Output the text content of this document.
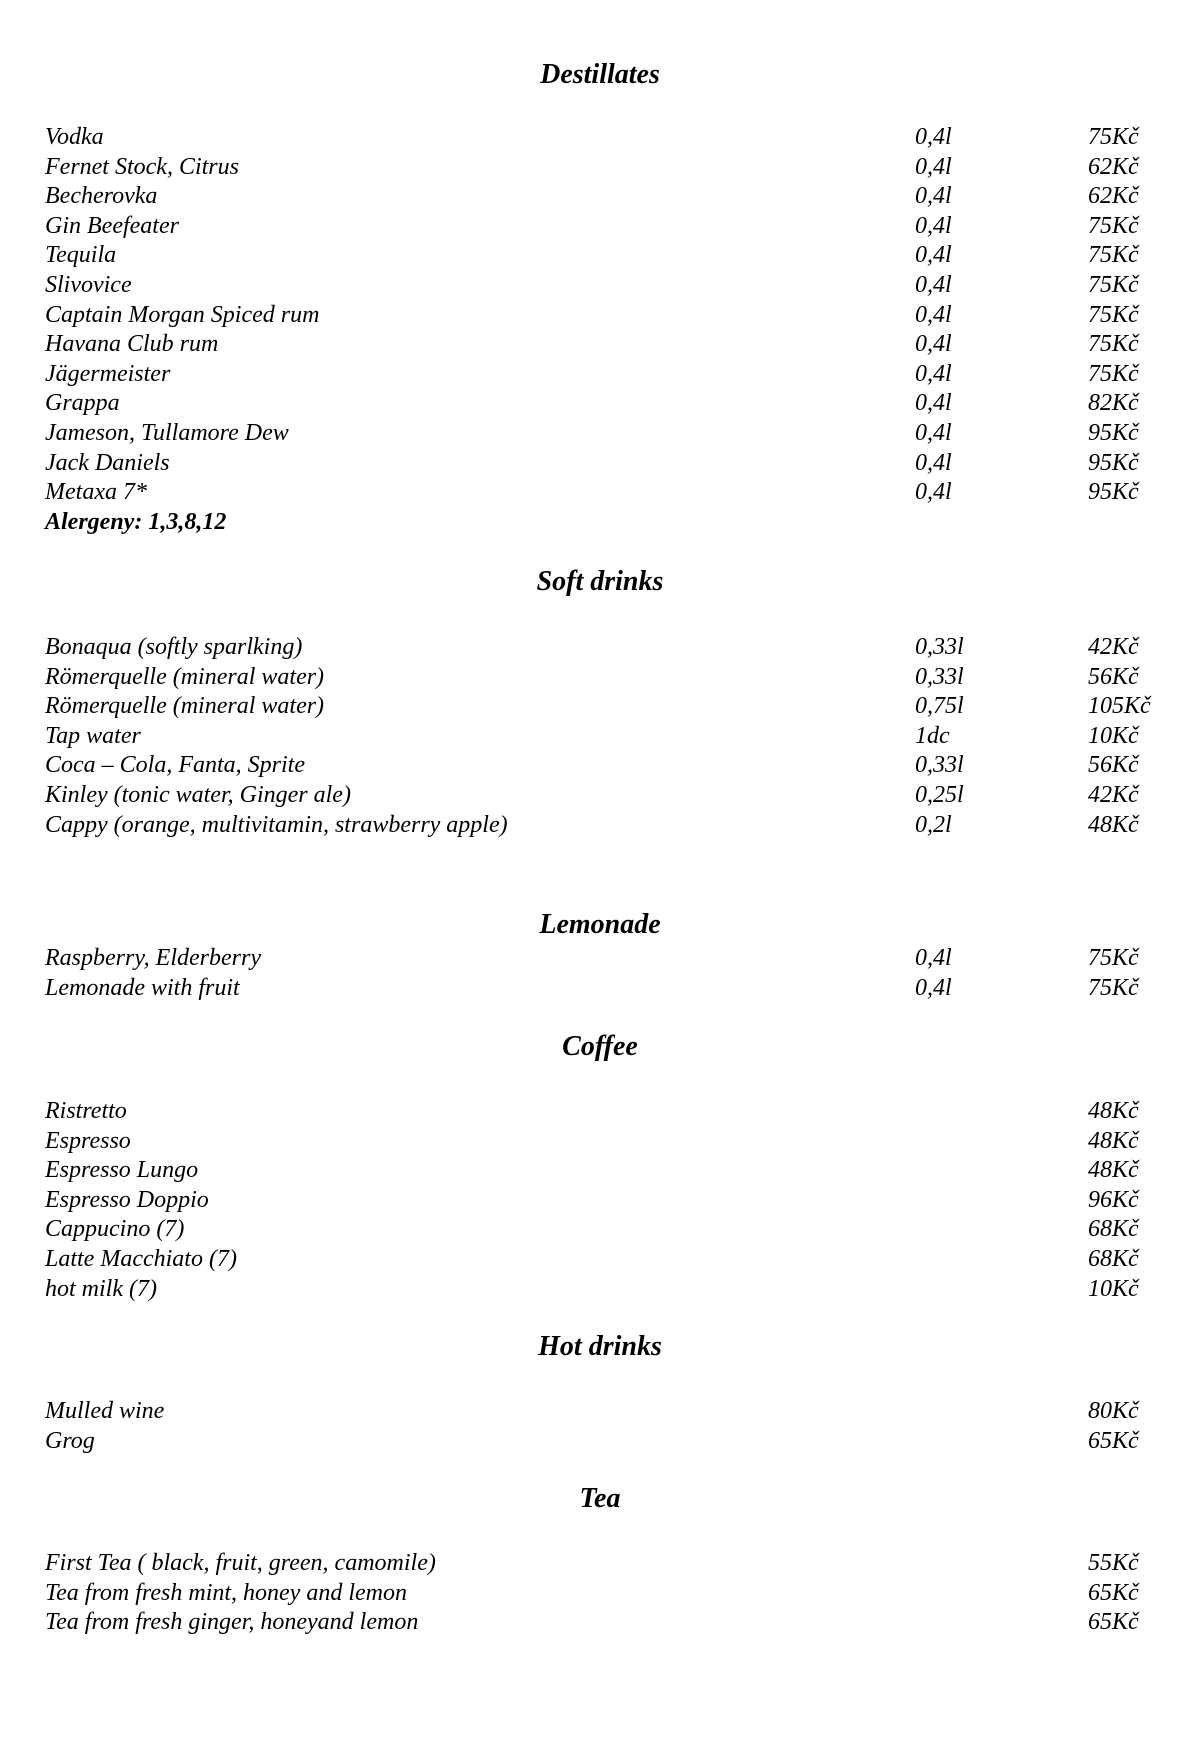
Destillates
Vodka	0,4l	75Kč
Fernet Stock, Citrus	0,4l	62Kč
Becherovka	0,4l	62Kč
Gin Beefeater	0,4l	75Kč
Tequila	0,4l	75Kč
Slivovice	0,4l	75Kč
Captain Morgan Spiced rum	0,4l	75Kč
Havana Club rum	0,4l	75Kč
Jägermeister	0,4l	75Kč
Grappa	0,4l	82Kč
Jameson, Tullamore Dew	0,4l	95Kč
Jack Daniels	0,4l	95Kč
Metaxa 7*	0,4l	95Kč
Alergeny: 1,3,8,12
Soft drinks
Bonaqua (softly sparlking)	0,33l	42Kč
Römerquelle (mineral water)	0,33l	56Kč
Römerquelle (mineral water)	0,75l	105Kč
Tap water	1dc	10Kč
Coca – Cola, Fanta, Sprite	0,33l	56Kč
Kinley (tonic water, Ginger ale)	0,25l	42Kč
Cappy (orange, multivitamin, strawberry apple)	0,2l	48Kč
Lemonade
Raspberry, Elderberry	0,4l	75Kč
Lemonade with fruit	0,4l	75Kč
Coffee
Ristretto	48Kč
Espresso	48Kč
Espresso Lungo	48Kč
Espresso Doppio	96Kč
Cappucino (7)	68Kč
Latte Macchiato (7)	68Kč
hot milk (7)	10Kč
Hot drinks
Mulled wine	80Kč
Grog	65Kč
Tea
First Tea ( black, fruit, green, camomile)	55Kč
Tea from fresh mint, honey and lemon	65Kč
Tea from fresh ginger, honeyand lemon	65Kč
